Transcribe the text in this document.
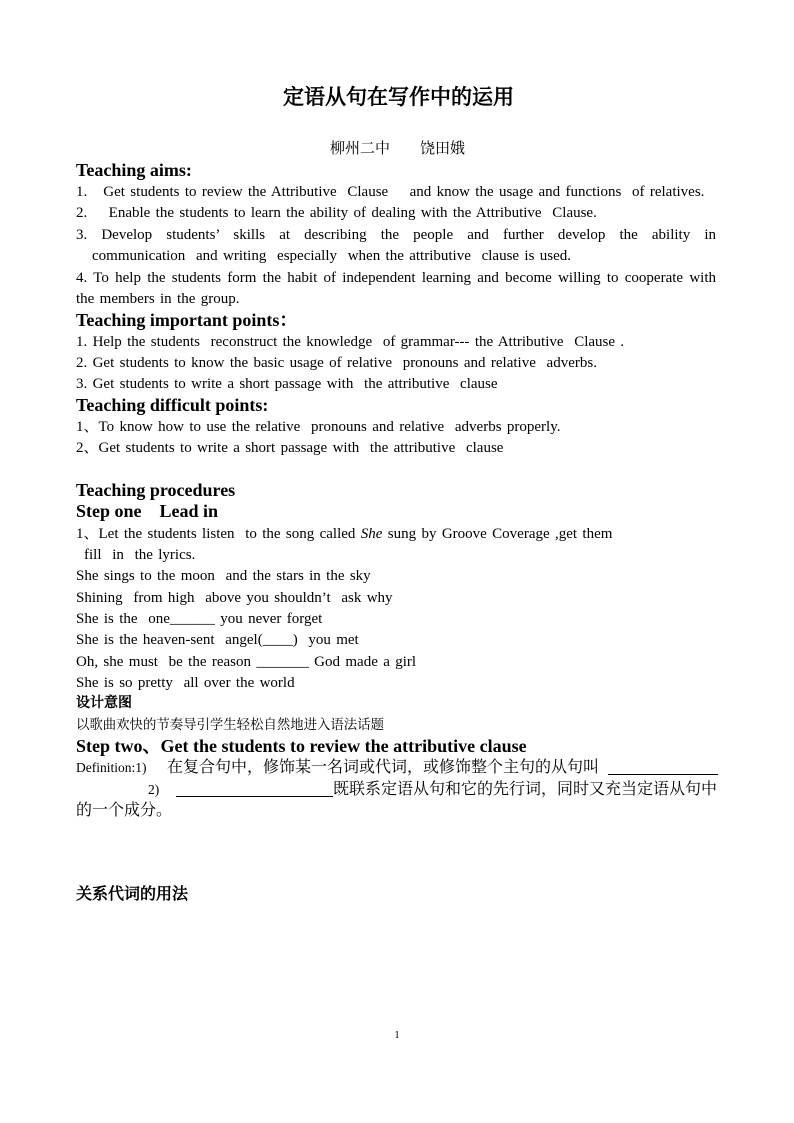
定语从句在写作中的运用
柳州二中　　饶田娥
Teaching aims:
1.   Get students to review the Attributive  Clause    and know the usage and functions  of relatives.
2.    Enable the students to learn the ability of dealing with the Attributive  Clause.
3. Develop students’ skills at describing the people and further develop the ability in
communication  and writing  especially  when the attributive  clause is used.
4. To help the students form the habit of independent learning and become willing to cooperate with
the members in the group.
Teaching important points：
1. Help the students  reconstruct the knowledge  of grammar--- the Attributive  Clause .
2. Get students to know the basic usage of relative  pronouns and relative  adverbs.
3. Get students to write a short passage with  the attributive  clause
Teaching difficult points:
1、To know how to use the relative  pronouns and relative  adverbs properly.
2、Get students to write a short passage with  the attributive  clause
Teaching procedures
Step one    Lead in
1、Let the students listen  to the song called She sung by Groove Coverage ,get them
fill  in  the lyrics.
She sings to the moon  and the stars in the sky
Shining  from high  above you shouldn’t  ask why
She is the  one______ you never forget
She is the heaven-sent  angel(____)  you met
Oh, she must  be the reason _______ God made a girl
She is so pretty  all over the world
设计意图
以歌曲欢快的节奏导引学生轻松自然地进入语法话题
Step two、Get the students to review the attributive clause
Definition:1) 在复合句中，修饰某一名词或代词，或修饰整个主句的从句叫
2)	既联系定语从句和它的先行词，同时又充当定语从句中
的一个成分。
关系代词的用法
1
